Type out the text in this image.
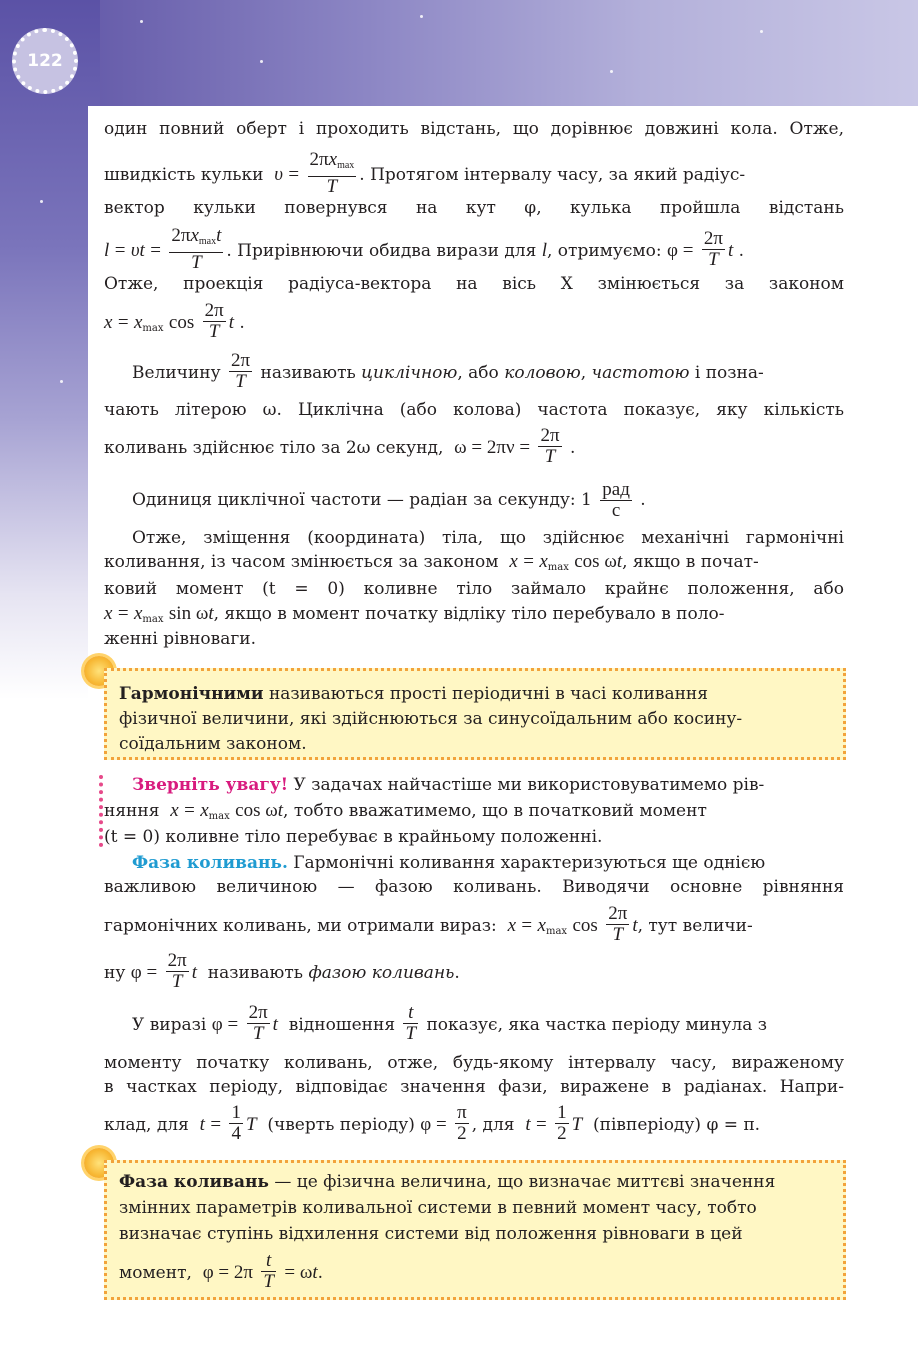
122
один повний оберт і проходить відстань, що дорівнює довжині кола. Отже,
швидкість кульки $\upsilon = \frac{2\pi x_{max}}{T}$ . Протягом інтервалу часу, за який радіус-
вектор кульки повернувся на кут φ, кулька пройшла відстань
$l = \upsilon t = \frac{2\pi x_{max}t}{T}$ . Прирівнюючи обидва вирази для l, отримуємо: $\varphi = \frac{2\pi}{T}$ t .
Отже, проекція радіуса-вектора на вісь X змінюється за законом
$x = x_{max}$ $\cos \frac{2\pi}{T}$ t .
Величину $\frac{2\pi}{T}$ називають циклічною, або коловою, частотою і позна-
чають літерою ω. Циклічна (або колова) частота показує, яку кількість
коливань здійснює тіло за 2ω секунд, $\omega = 2\pi\nu = \frac{2\pi}{T}$ .
Одиниця циклічної частоти — радіан за секунду: $1 \frac{\text{рад}}{с}$ .
Отже, зміщення (координата) тіла, що здійснює механічні гармонічні
коливання, із часом змінюється за законом $x = x_{max}$ cos ωt, якщо в почат-
ковий момент (t = 0) коливне тіло займало крайнє положення, або
$x = x_{max}$ sin ωt, якщо в момент початку відліку тіло перебувало в поло-
женні рівноваги.
Гармонічними називаються прості періодичні в часі коливання
фізичної величини, які здійснюються за синусоїдальним або косину-
соїдальним законом.
Зверніть увагу! У задачах найчастіше ми використовуватимемо рів-
няння $x = x_{max}$ cos ωt, тобто вважатимемо, що в початковий момент
(t = 0) коливне тіло перебуває в крайньому положенні.
Фаза коливань. Гармонічні коливання характеризуються ще однією
важливою величиною — фазою коливань. Виводячи основне рівняння
гармонічних коливань, ми отримали вираз: $x = x_{max}$ $\cos \frac{2\pi}{T} t$, тут величи-
ну $\varphi = \frac{2\pi}{T}$ t називають фазою коливань.
У виразі $\varphi = \frac{2\pi}{T}$ t відношення $\frac{t}{T}$ показує, яка частка періоду минула з
моменту початку коливань, отже, будь-якому інтервалу часу, вираженому
в частках періоду, відповідає значення фази, виражене в радіанах. Напри-
клад, для $t = \frac{1}{4}$ T (чверть періоду) $\varphi = \frac{\pi}{2}$ , для $t = \frac{1}{2}$ T (півперіоду) φ = π.
Фаза коливань — це фізична величина, що визначає миттєві значення
змінних параметрів коливальної системи в певний момент часу, тобто
визначає ступінь відхилення системи від положення рівноваги в цей
момент, $\varphi = 2\pi \frac{t}{T} = \omega t$.
